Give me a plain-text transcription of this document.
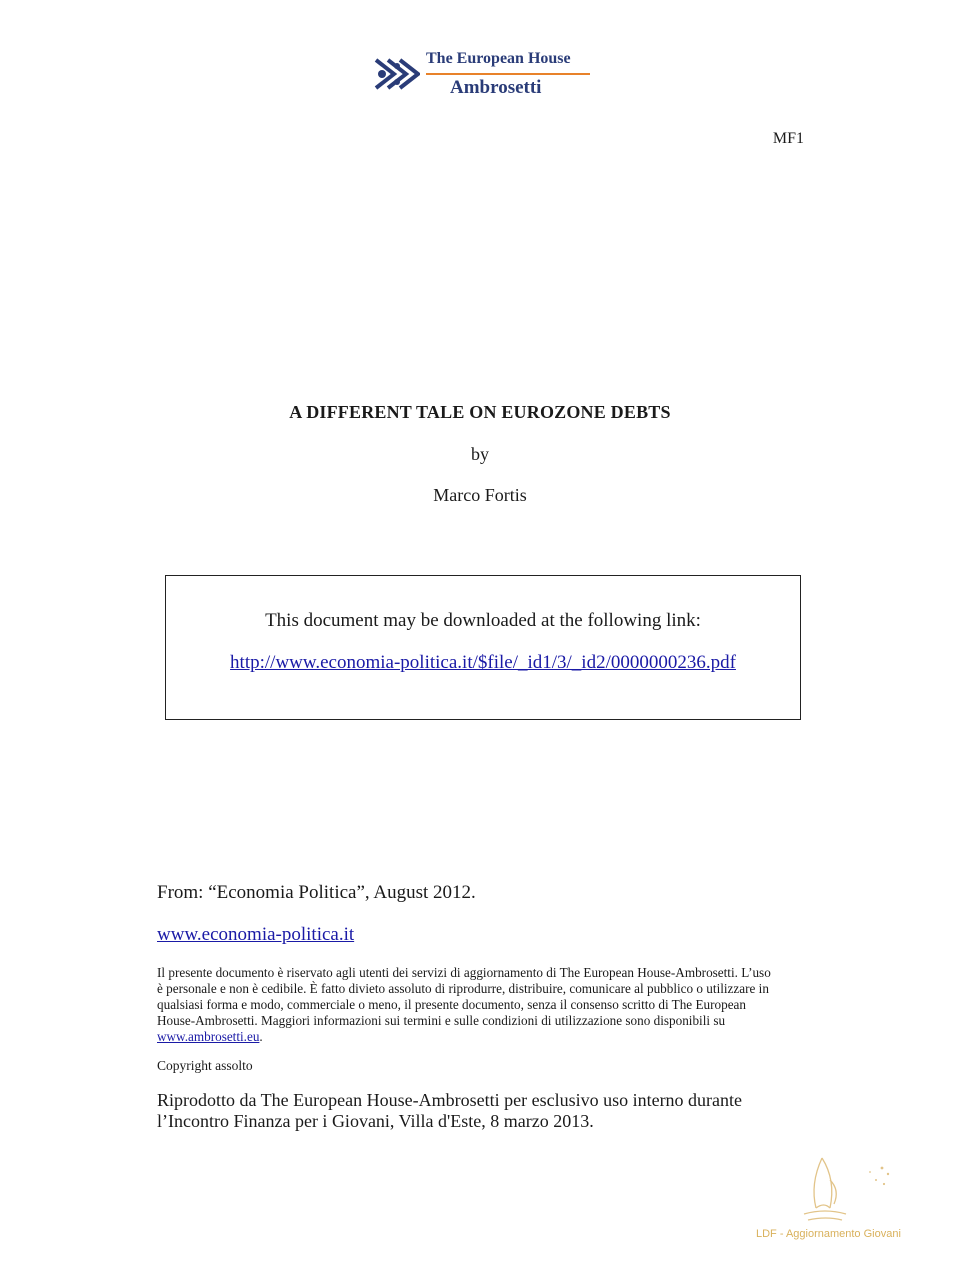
The European House
Ambrosetti
MF1
A DIFFERENT TALE ON EUROZONE DEBTS
by
Marco Fortis
This document may be downloaded at the following link:
http://www.economia-politica.it/$file/_id1/3/_id2/0000000236.pdf
From: “Economia Politica”, August 2012.
www.economia-politica.it
Il presente documento è riservato agli utenti dei servizi di aggiornamento di The European House-Ambrosetti. L’uso è personale e non è cedibile. È fatto divieto assoluto di riprodurre, distribuire, comunicare al pubblico o utilizzare in qualsiasi forma e modo, commerciale o meno, il presente documento, senza il consenso scritto di The European House-Ambrosetti. Maggiori informazioni sui termini e sulle condizioni di utilizzazione sono disponibili su www.ambrosetti.eu.
Copyright assolto
Riprodotto da The European House-Ambrosetti per esclusivo uso interno durante l’Incontro Finanza per i Giovani, Villa d'Este, 8 marzo 2013.
LDF - Aggiornamento Giovani
